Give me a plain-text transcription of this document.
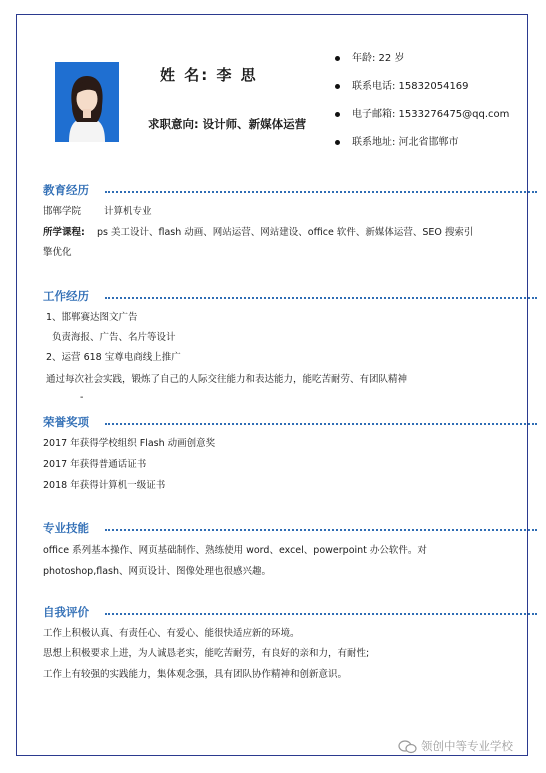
姓 名: 李 思
求职意向: 设计师、新媒体运营
年龄: 22 岁
联系电话: 15832054169
电子邮箱: 1533276475@qq.com
联系地址: 河北省邯郸市
教育经历
邯郸学院 计算机专业
所学课程: ps 美工设计、flash 动画、网站运营、网站建设、office 软件、新媒体运营、SEO 搜索引
擎优化
工作经历
1、邯郸赛达图文广告
负责海报、广告、名片等设计
2、运营 618 宝尊电商线上推广
通过每次社会实践，锻炼了自己的人际交往能力和表达能力，能吃苦耐劳、有团队精神
-
荣誉奖项
2017 年获得学校组织 Flash 动画创意奖
2017 年获得普通话证书
2018 年获得计算机一级证书
专业技能
office 系列基本操作、网页基础制作、熟练使用 word、excel、powerpoint 办公软件。对
photoshop,flash、网页设计、图像处理也很感兴趣。
自我评价
工作上积极认真、有责任心、有爱心、能很快适应新的环境。
思想上积极要求上进，为人诚恳老实，能吃苦耐劳，有良好的亲和力，有耐性;
工作上有较强的实践能力，集体观念强，具有团队协作精神和创新意识。
领创中等专业学校
